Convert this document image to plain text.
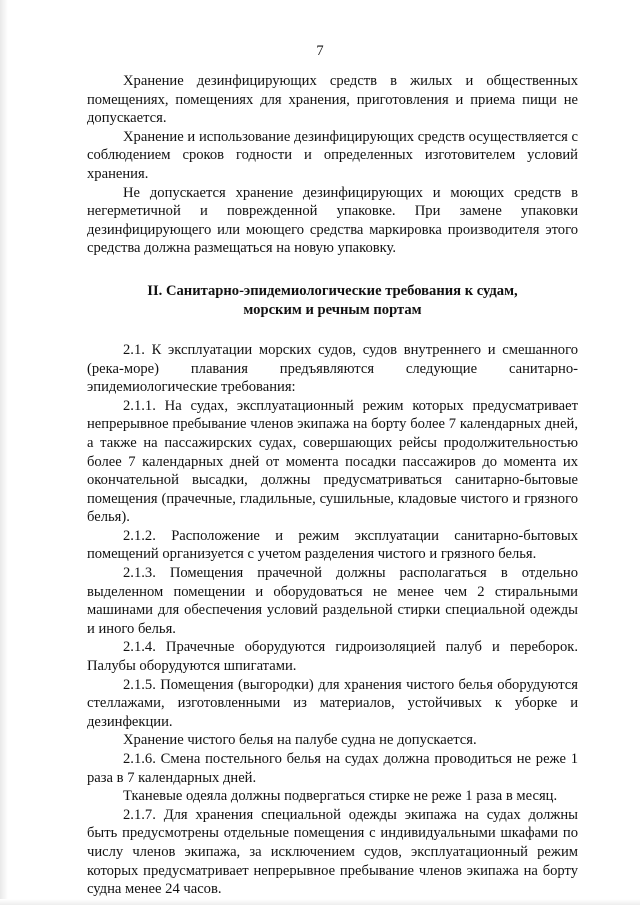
7

Хранение дезинфицирующих средств в жилых и общественных помещениях, помещениях для хранения, приготовления и приема пищи не допускается.

Хранение и использование дезинфицирующих средств осуществляется с соблюдением сроков годности и определенных изготовителем условий хранения.

Не допускается хранение дезинфицирующих и моющих средств в негерметичной и поврежденной упаковке. При замене упаковки дезинфицирующего или моющего средства маркировка производителя этого средства должна размещаться на новую упаковку.

II. Санитарно-эпидемиологические требования к судам,
морским и речным портам

2.1. К эксплуатации морских судов, судов внутреннего и смешанного (река-море) плавания предъявляются следующие санитарно-эпидемиологические требования:

2.1.1. На судах, эксплуатационный режим которых предусматривает непрерывное пребывание членов экипажа на борту более 7 календарных дней, а также на пассажирских судах, совершающих рейсы продолжительностью более 7 календарных дней от момента посадки пассажиров до момента их окончательной высадки, должны предусматриваться санитарно-бытовые помещения (прачечные, гладильные, сушильные, кладовые чистого и грязного белья).

2.1.2. Расположение и режим эксплуатации санитарно-бытовых помещений организуется с учетом разделения чистого и грязного белья.

2.1.3. Помещения прачечной должны располагаться в отдельно выделенном помещении и оборудоваться не менее чем 2 стиральными машинами для обеспечения условий раздельной стирки специальной одежды и иного белья.

2.1.4. Прачечные оборудуются гидроизоляцией палуб и переборок. Палубы оборудуются шпигатами.

2.1.5. Помещения (выгородки) для хранения чистого белья оборудуются стеллажами, изготовленными из материалов, устойчивых к уборке и дезинфекции.

Хранение чистого белья на палубе судна не допускается.

2.1.6. Смена постельного белья на судах должна проводиться не реже 1 раза в 7 календарных дней.

Тканевые одеяла должны подвергаться стирке не реже 1 раза в месяц.

2.1.7. Для хранения специальной одежды экипажа на судах должны быть предусмотрены отдельные помещения с индивидуальными шкафами по числу членов экипажа, за исключением судов, эксплуатационный режим которых предусматривает непрерывное пребывание членов экипажа на борту судна менее 24 часов.
